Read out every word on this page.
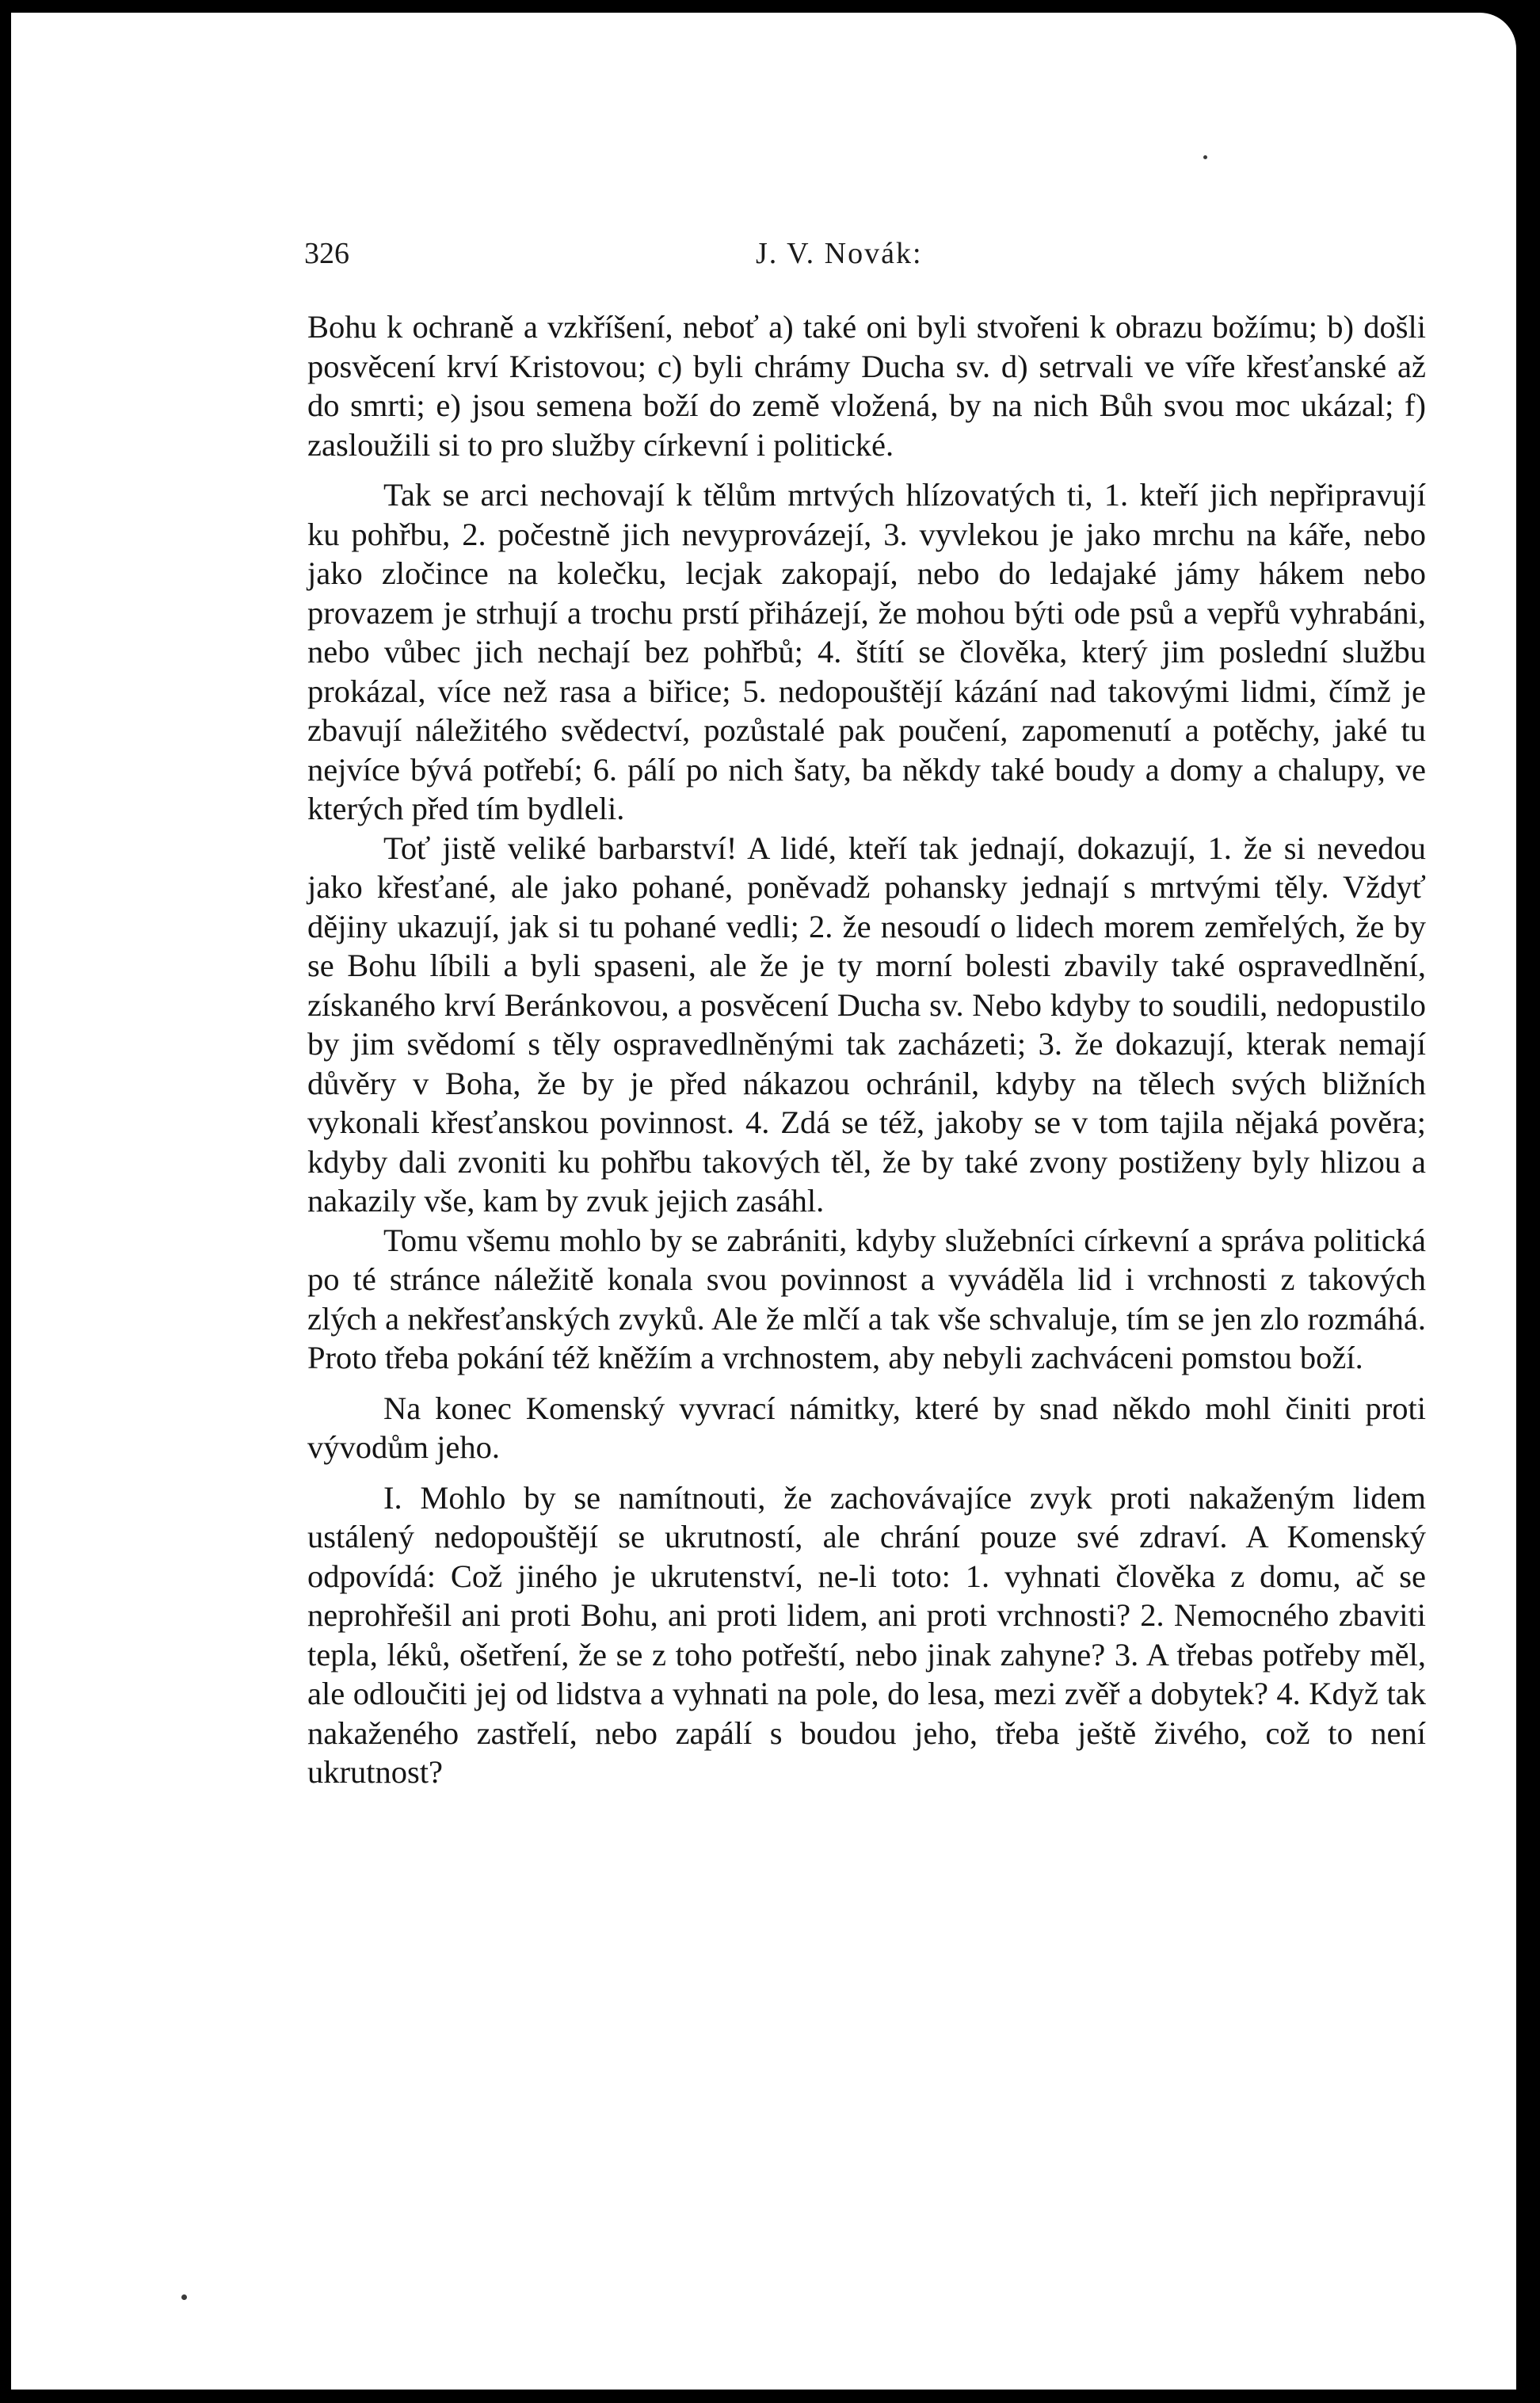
326	J. V. Novák:

Bohu k ochraně a vzkříšení, neboť a) také oni byli stvořeni k obrazu božímu; b) došli posvěcení krví Kristovou; c) byli chrámy Ducha sv. d) setrvali ve víře křesťanské až do smrti; e) jsou semena boží do země vložená, by na nich Bůh svou moc ukázal; f) zasloužili si to pro služby církevní i politické.

Tak se arci nechovají k tělům mrtvých hlízovatých ti, 1. kteří jich nepřipravují ku pohřbu, 2. počestně jich nevyprovázejí, 3. vyvlekou je jako mrchu na káře, nebo jako zločince na kolečku, lecjak zakopají, nebo do ledajaké jámy hákem nebo provazem je strhují a trochu prstí přiházejí, že mohou býti ode psů a vepřů vyhrabáni, nebo vůbec jich nechají bez pohřbů; 4. štítí se člověka, který jim poslední službu prokázal, více než rasa a biřice; 5. nedopouštějí kázání nad takovými lidmi, čímž je zbavují náležitého svědectví, pozůstalé pak poučení, zapomenutí a potěchy, jaké tu nejvíce bývá potřebí; 6. pálí po nich šaty, ba někdy také boudy a domy a chalupy, ve kterých před tím bydleli.

Toť jistě veliké barbarství! A lidé, kteří tak jednají, dokazují, 1. že si nevedou jako křesťané, ale jako pohané, poněvadž pohansky jednají s mrtvými těly. Vždyť dějiny ukazují, jak si tu pohané vedli; 2. že nesoudí o lidech morem zemřelých, že by se Bohu líbili a byli spaseni, ale že je ty morní bolesti zbavily také ospravedlnění, získaného krví Beránkovou, a posvěcení Ducha sv. Nebo kdyby to soudili, nedopustilo by jim svědomí s těly ospravedlněnými tak zacházeti; 3. že dokazují, kterak nemají důvěry v Boha, že by je před nákazou ochránil, kdyby na tělech svých bližních vykonali křesťanskou povinnost. 4. Zdá se též, jakoby se v tom tajila nějaká pověra; kdyby dali zvoniti ku pohřbu takových těl, že by také zvony postiženy byly hlizou a nakazily vše, kam by zvuk jejich zasáhl.

Tomu všemu mohlo by se zabrániti, kdyby služebníci církevní a správa politická po té stránce náležitě konala svou povinnost a vyváděla lid i vrchnosti z takových zlých a nekřesťanských zvyků. Ale že mlčí a tak vše schvaluje, tím se jen zlo rozmáhá. Proto třeba pokání též kněžím a vrchnostem, aby nebyli zachváceni pomstou boží.

Na konec Komenský vyvrací námitky, které by snad někdo mohl činiti proti vývodům jeho.

I. Mohlo by se namítnouti, že zachovávajíce zvyk proti nakaženým lidem ustálený nedopouštějí se ukrutností, ale chrání pouze své zdraví. A Komenský odpovídá: Což jiného je ukrutenství, ne-li toto: 1. vyhnati člověka z domu, ač se neprohřešil ani proti Bohu, ani proti lidem, ani proti vrchnosti? 2. Nemocného zbaviti tepla, léků, ošetření, že se z toho potřeští, nebo jinak zahyne? 3. A třebas potřeby měl, ale odloučiti jej od lidstva a vyhnati na pole, do lesa, mezi zvěř a dobytek? 4. Když tak nakaženého zastřelí, nebo zapálí s boudou jeho, třeba ještě živého, což to není ukrutnost?
